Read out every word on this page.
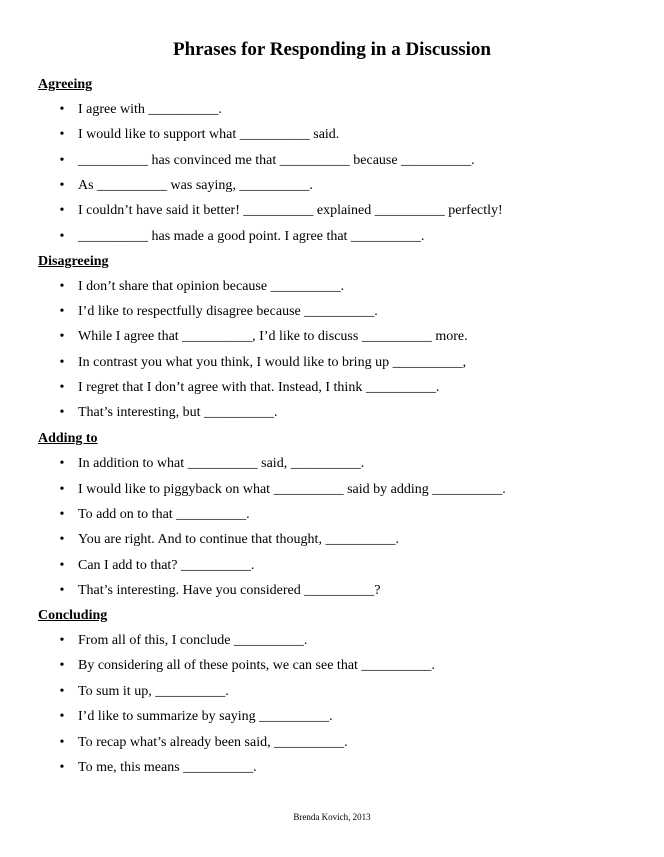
Phrases for Responding in a Discussion
Agreeing
• I agree with __________.
• I would like to support what __________ said.
• __________ has convinced me that __________ because __________.
• As __________ was saying, __________.
• I couldn’t have said it better! __________ explained __________ perfectly!
• __________ has made a good point. I agree that __________.
Disagreeing
• I don’t share that opinion because __________.
• I’d like to respectfully disagree because __________.
• While I agree that __________, I’d like to discuss __________ more.
• In contrast you what you think, I would like to bring up __________,
• I regret that I don’t agree with that. Instead, I think __________.
• That’s interesting, but __________.
Adding to
• In addition to what __________ said, __________.
• I would like to piggyback on what __________ said by adding __________.
• To add on to that __________.
• You are right. And to continue that thought, __________.
• Can I add to that? __________.
• That’s interesting. Have you considered __________?
Concluding
• From all of this, I conclude __________.
• By considering all of these points, we can see that __________.
• To sum it up, __________.
• I’d like to summarize by saying __________.
• To recap what’s already been said, __________.
• To me, this means __________.

Brenda Kovich, 2013
